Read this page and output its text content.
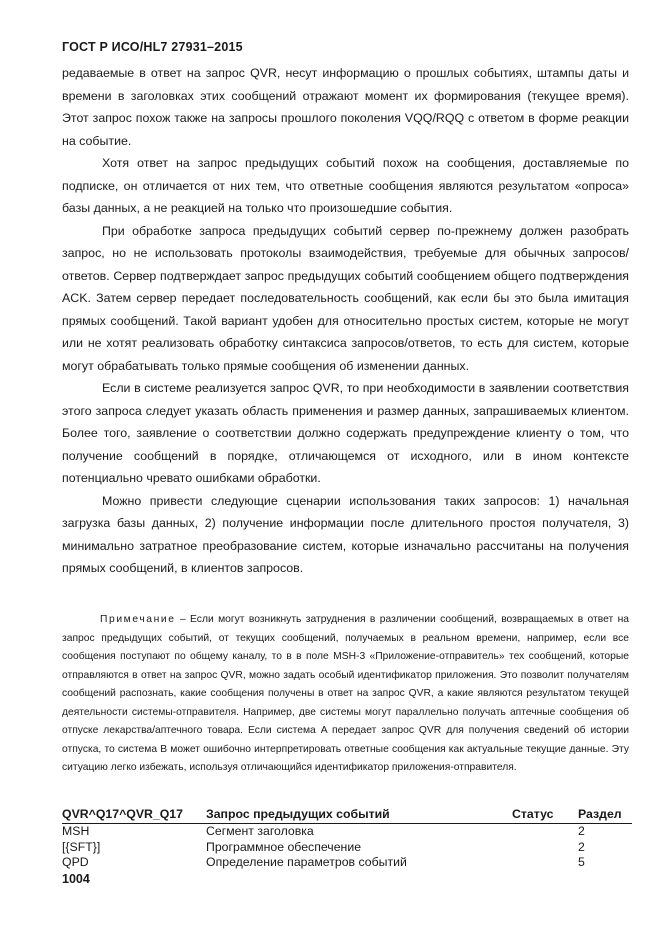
ГОСТ Р ИСО/HL7 27931–2015

редаваемые в ответ на запрос QVR, несут информацию о прошлых событиях, штампы даты и времени в заголовках этих сообщений отражают момент их формирования (текущее время). Этот запрос похож также на запросы прошлого поколения VQQ/RQQ с ответом в форме реакции на событие.

Хотя ответ на запрос предыдущих событий похож на сообщения, доставляемые по подписке, он отличается от них тем, что ответные сообщения являются результатом «опроса» базы данных, а не реакцией на только что произошедшие события.

При обработке запроса предыдущих событий сервер по-прежнему должен разобрать запрос, но не использовать протоколы взаимодействия, требуемые для обычных запросов/ответов. Сервер подтверждает запрос предыдущих событий сообщением общего подтверждения ACK. Затем сервер передает последовательность сообщений, как если бы это была имитация прямых сообщений. Такой вариант удобен для относительно простых систем, которые не могут или не хотят реализовать обработку синтаксиса запросов/ответов, то есть для систем, которые могут обрабатывать только прямые сообщения об изменении данных.

Если в системе реализуется запрос QVR, то при необходимости в заявлении соответствия этого запроса следует указать область применения и размер данных, запрашиваемых клиентом. Более того, заявление о соответствии должно содержать предупреждение клиенту о том, что получение сообщений в порядке, отличающемся от исходного, или в ином контексте потенциально чревато ошибками обработки.

Можно привести следующие сценарии использования таких запросов: 1) начальная загрузка базы данных, 2) получение информации после длительного простоя получателя, 3) минимально затратное преобразование систем, которые изначально рассчитаны на получения прямых сообщений, в клиентов запросов.

Примечание – Если могут возникнуть затруднения в различении сообщений, возвращаемых в ответ на запрос предыдущих событий, от текущих сообщений, получаемых в реальном времени, например, если все сообщения поступают по общему каналу, то в в поле MSH-3 «Приложение-отправитель» тех сообщений, которые отправляются в ответ на запрос QVR, можно задать особый идентификатор приложения. Это позволит получателям сообщений распознать, какие сообщения получены в ответ на запрос QVR, а какие являются результатом текущей деятельности системы-отправителя. Например, две системы могут параллельно получать аптечные сообщения об отпуске лекарства/аптечного товара. Если система A передает запрос QVR для получения сведений об истории отпуска, то система B может ошибочно интерпретировать ответные сообщения как актуальные текущие данные. Эту ситуацию легко избежать, используя отличающийся идентификатор приложения-отправителя.
QVR^Q17^QVR_Q17	Запрос предыдущих событий	Статус	Раздел
MSH	Сегмент заголовка		2
[{SFT}]	Программное обеспечение		2
QPD	Определение параметров событий		5
1004
